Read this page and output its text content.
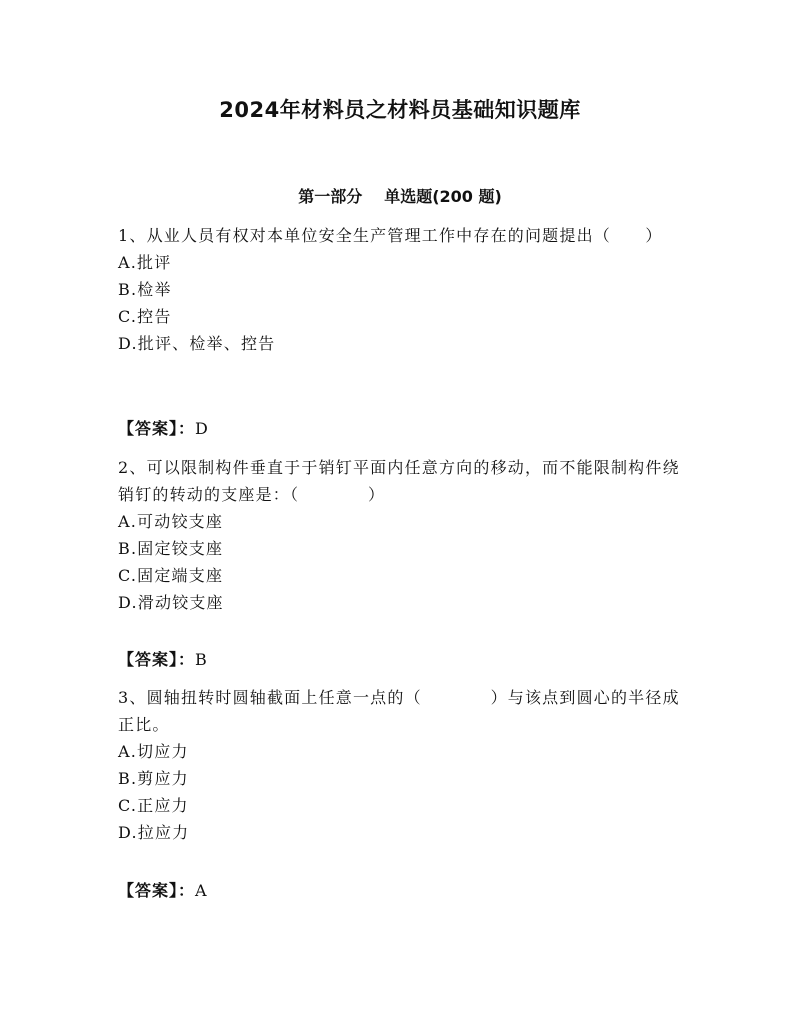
2024年材料员之材料员基础知识题库
第一部分 单选题(200 题)

1、从业人员有权对本单位安全生产管理工作中存在的问题提出（　　）

A.批评

B.检举

C.控告

D.批评、检举、控告

【答案】：D

2、可以限制构件垂直于于销钉平面内任意方向的移动，而不能限制构件绕销钉的转动的支座是：（　　　　）

A.可动铰支座

B.固定铰支座

C.固定端支座

D.滑动铰支座

【答案】：B

3、圆轴扭转时圆轴截面上任意一点的（　　　　）与该点到圆心的半径成正比。

A.切应力

B.剪应力

C.正应力

D.拉应力

【答案】：A
